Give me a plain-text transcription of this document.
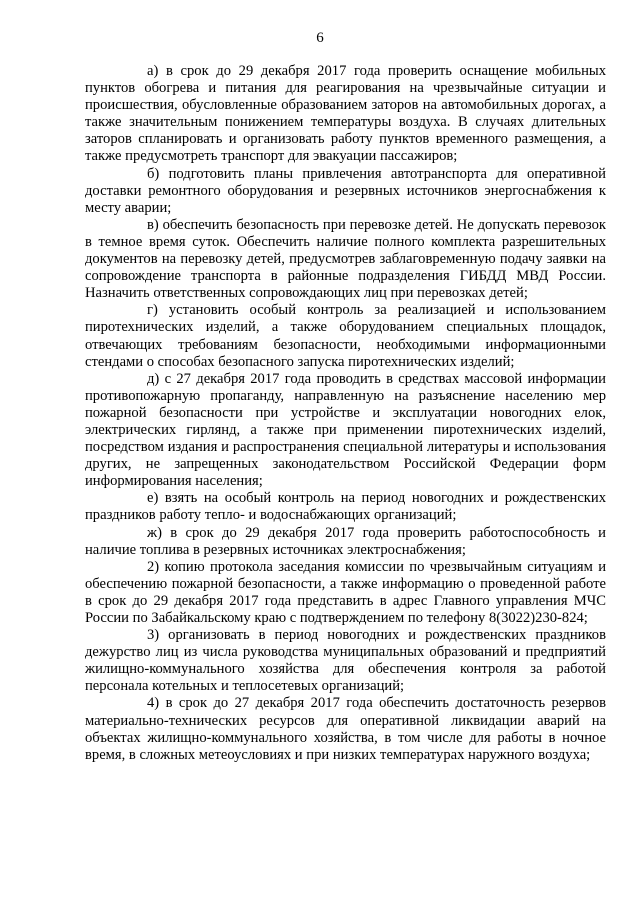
6

а) в срок до 29 декабря 2017 года проверить оснащение мобильных пунктов обогрева и питания для реагирования на чрезвычайные ситуации и происшествия, обусловленные образованием заторов на автомобильных дорогах, а также значительным понижением температуры воздуха. В случаях длительных заторов спланировать и организовать работу пунктов временного размещения, а также предусмотреть транспорт для эвакуации пассажиров;

б) подготовить планы привлечения автотранспорта для оперативной доставки ремонтного оборудования и резервных источников энергоснабжения к месту аварии;

в) обеспечить безопасность при перевозке детей. Не допускать перевозок в темное время суток. Обеспечить наличие полного комплекта разрешительных документов на перевозку детей, предусмотрев заблаговременную подачу заявки на сопровождение транспорта в районные подразделения ГИБДД МВД России. Назначить ответственных сопровождающих лиц при перевозках детей;

г) установить особый контроль за реализацией и использованием пиротехнических изделий, а также оборудованием специальных площадок, отвечающих требованиям безопасности, необходимыми информационными стендами о способах безопасного запуска пиротехнических изделий;

д) с 27 декабря 2017 года проводить в средствах массовой информации противопожарную пропаганду, направленную на разъяснение населению мер пожарной безопасности при устройстве и эксплуатации новогодних елок, электрических гирлянд, а также при применении пиротехнических изделий, посредством издания и распространения специальной литературы и использования других, не запрещенных законодательством Российской Федерации форм информирования населения;

е) взять на особый контроль на период новогодних и рождественских праздников работу тепло- и водоснабжающих организаций;

ж) в срок до 29 декабря 2017 года проверить работоспособность и наличие топлива в резервных источниках электроснабжения;

2) копию протокола заседания комиссии по чрезвычайным ситуациям и обеспечению пожарной безопасности, а также информацию о проведенной работе в срок до 29 декабря 2017 года представить в адрес Главного управления МЧС России по Забайкальскому краю с подтверждением по телефону 8(3022)230-824;

3) организовать в период новогодних и рождественских праздников дежурство лиц из числа руководства муниципальных образований и предприятий жилищно-коммунального хозяйства для обеспечения контроля за работой персонала котельных и теплосетевых организаций;

4) в срок до 27 декабря 2017 года обеспечить достаточность резервов материально-технических ресурсов для оперативной ликвидации аварий на объектах жилищно-коммунального хозяйства, в том числе для работы в ночное время, в сложных метеоусловиях и при низких температурах наружного воздуха;
